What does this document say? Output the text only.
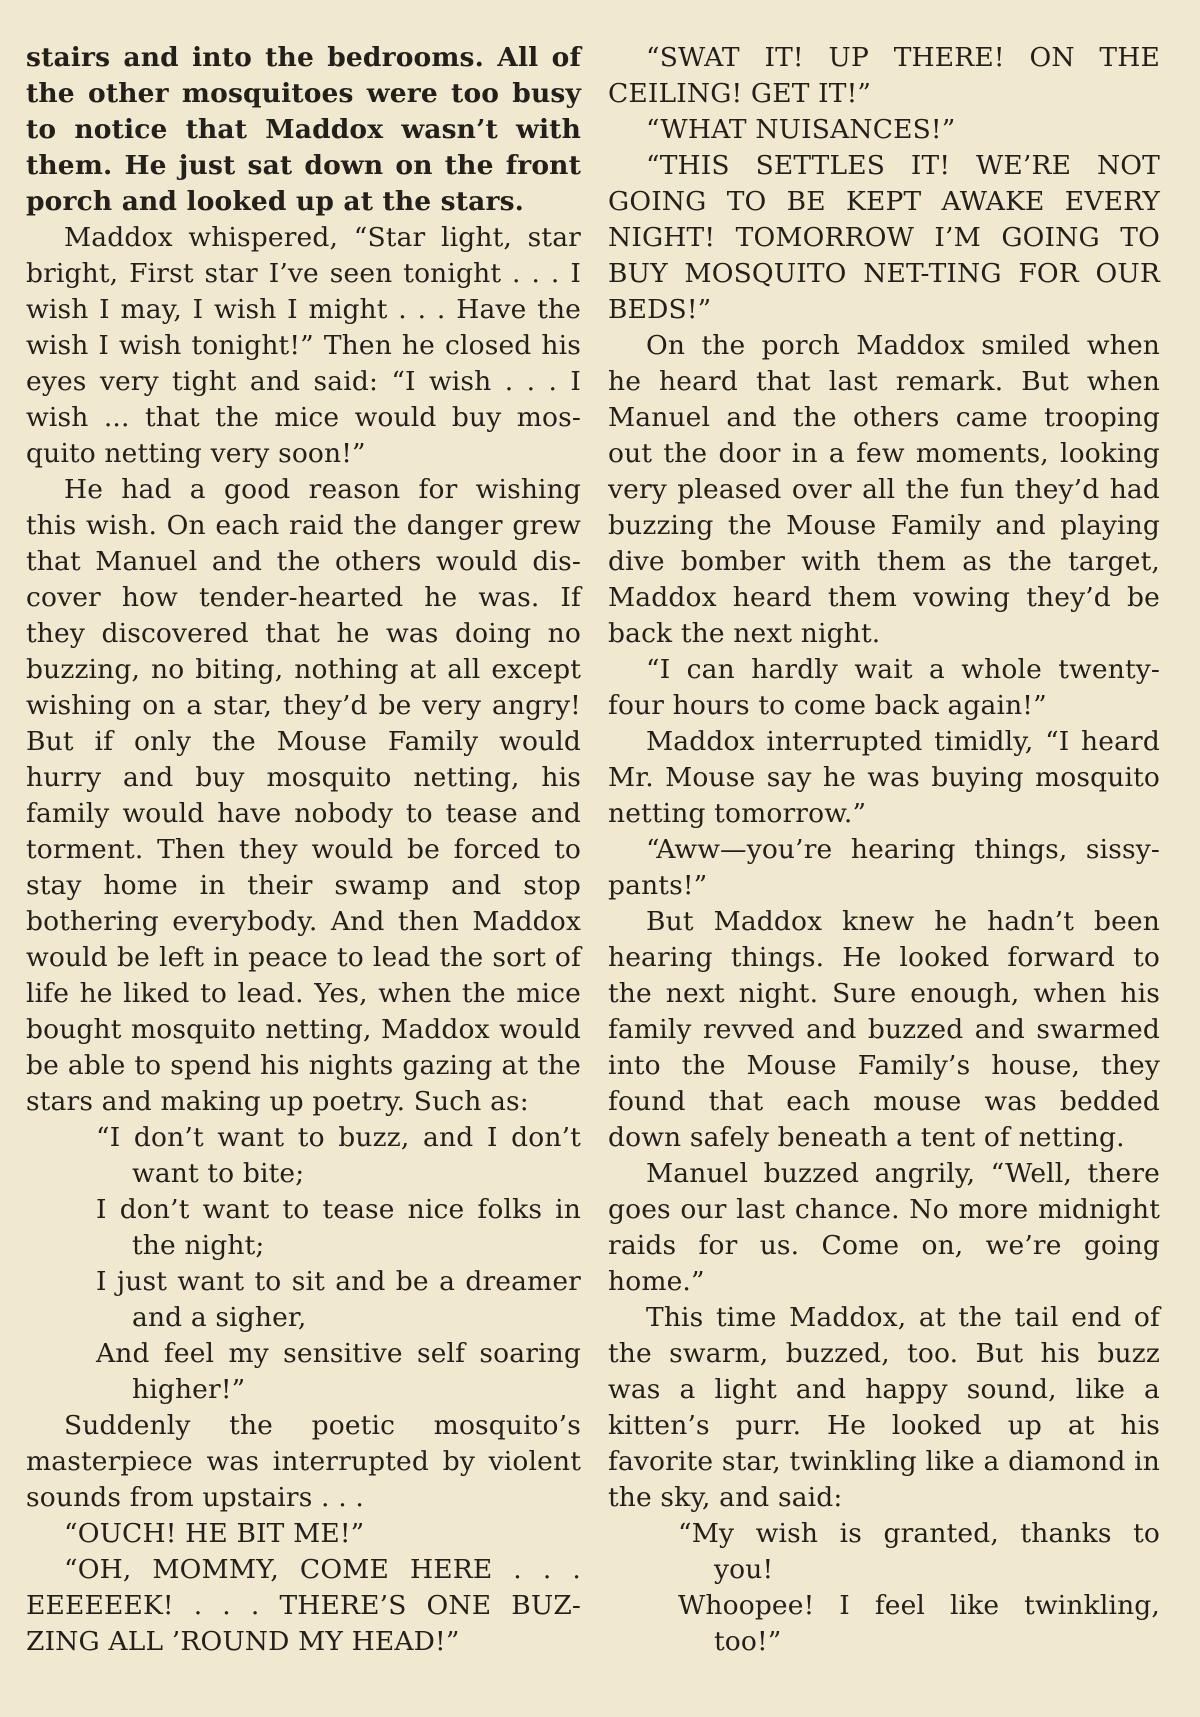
stairs and into the bedrooms. All of the other mosquitoes were too busy to notice that Maddox wasn’t with them. He just sat down on the front porch and looked up at the stars.

Maddox whispered, “Star light, star bright, First star I’ve seen tonight . . . I wish I may, I wish I might . . . Have the wish I wish tonight!” Then he closed his eyes very tight and said: “I wish . . . I wish ... that the mice would buy mos-quito netting very soon!”

He had a good reason for wishing this wish. On each raid the danger grew that Manuel and the others would dis-cover how tender-hearted he was. If they discovered that he was doing no buzzing, no biting, nothing at all except wishing on a star, they’d be very angry! But if only the Mouse Family would hurry and buy mosquito netting, his family would have nobody to tease and torment. Then they would be forced to stay home in their swamp and stop bothering everybody. And then Maddox would be left in peace to lead the sort of life he liked to lead. Yes, when the mice bought mosquito netting, Maddox would be able to spend his nights gazing at the stars and making up poetry. Such as:

“I don’t want to buzz, and I don’t want to bite;

I don’t want to tease nice folks in the night;

I just want to sit and be a dreamer and a sigher,

And feel my sensitive self soaring higher!”

Suddenly the poetic mosquito’s masterpiece was interrupted by violent sounds from upstairs . . .

“OUCH! HE BIT ME!”

“OH, MOMMY, COME HERE . . . EEEEEEK! . . . THERE’S ONE BUZ-ZING ALL ’ROUND MY HEAD!”

“SWAT IT! UP THERE! ON THE CEILING! GET IT!”

“WHAT NUISANCES!”

“THIS SETTLES IT! WE’RE NOT GOING TO BE KEPT AWAKE EVERY NIGHT! TOMORROW I’M GOING TO BUY MOSQUITO NET-TING FOR OUR BEDS!”

On the porch Maddox smiled when he heard that last remark. But when Manuel and the others came trooping out the door in a few moments, looking very pleased over all the fun they’d had buzzing the Mouse Family and playing dive bomber with them as the target, Maddox heard them vowing they’d be back the next night.

“I can hardly wait a whole twenty-four hours to come back again!”

Maddox interrupted timidly, “I heard Mr. Mouse say he was buying mosquito netting tomorrow.”

“Aww—you’re hearing things, sissy-pants!”

But Maddox knew he hadn’t been hearing things. He looked forward to the next night. Sure enough, when his family revved and buzzed and swarmed into the Mouse Family’s house, they found that each mouse was bedded down safely beneath a tent of netting.

Manuel buzzed angrily, “Well, there goes our last chance. No more midnight raids for us. Come on, we’re going home.”

This time Maddox, at the tail end of the swarm, buzzed, too. But his buzz was a light and happy sound, like a kitten’s purr. He looked up at his favorite star, twinkling like a diamond in the sky, and said:

“My wish is granted, thanks to you!

Whoopee! I feel like twinkling, too!”
